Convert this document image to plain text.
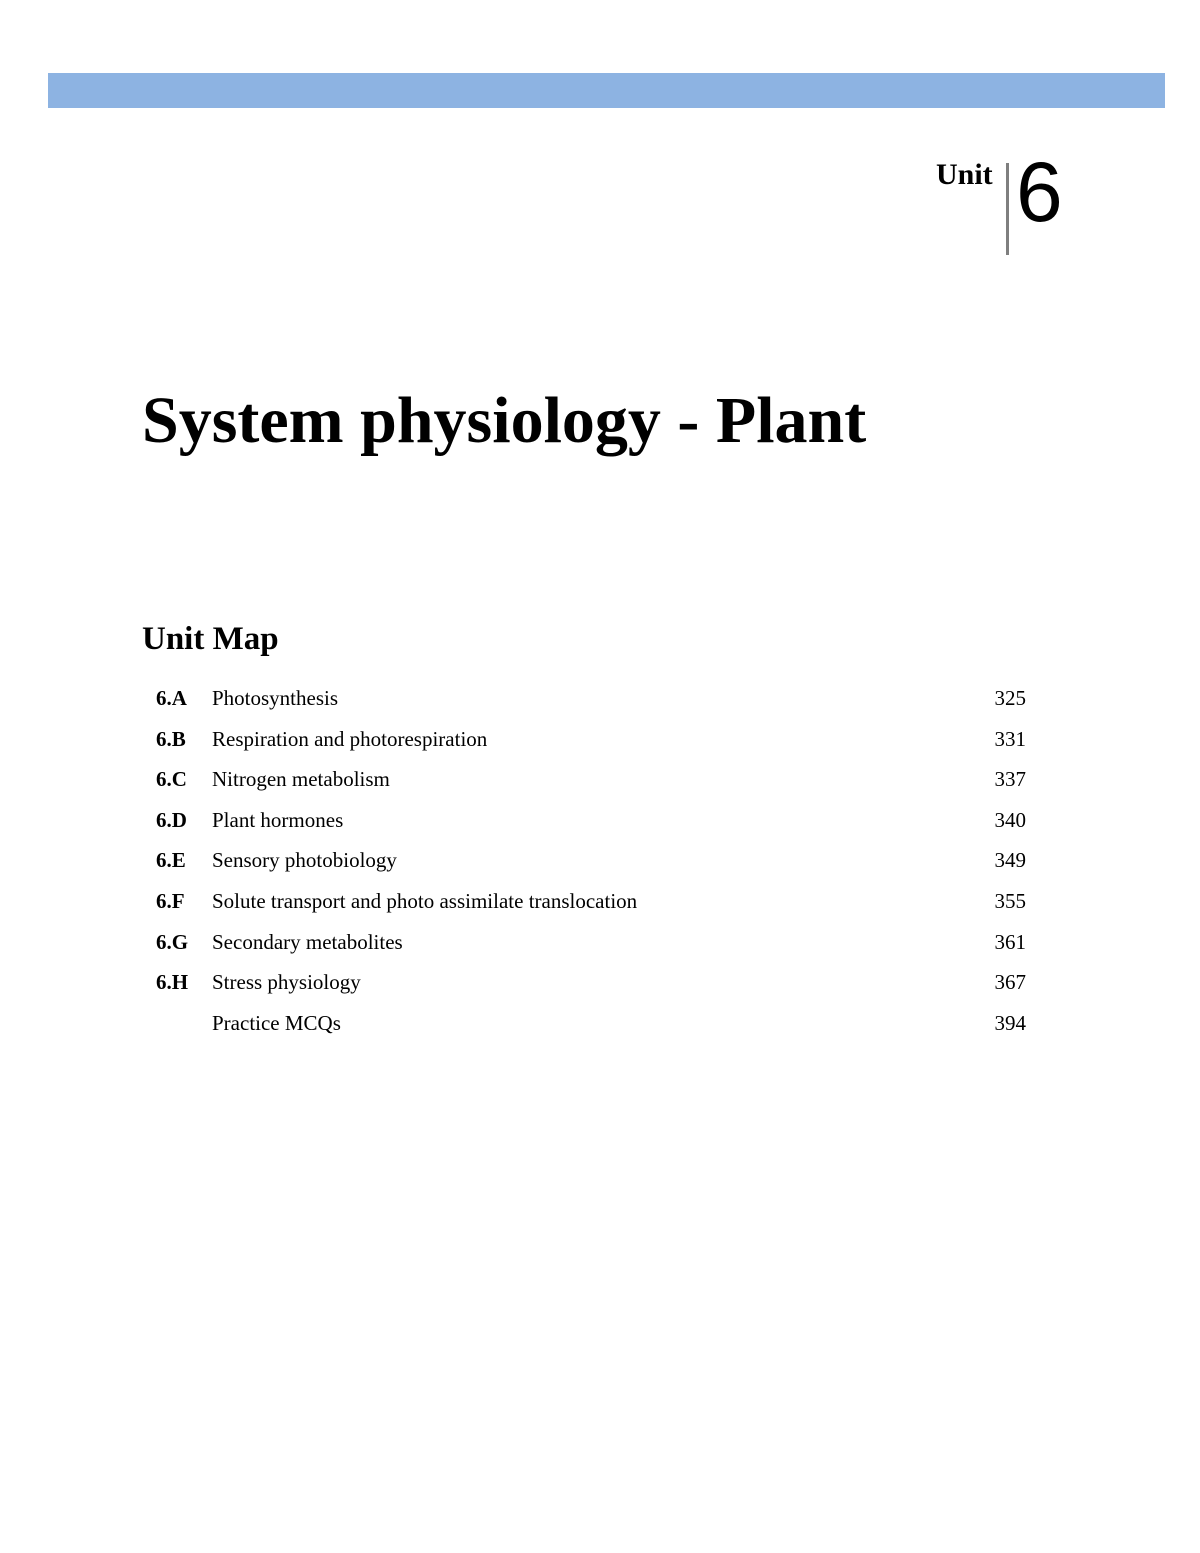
Unit 6
System physiology - Plant
Unit Map
6.A Photosynthesis	325
6.B Respiration and photorespiration	331
6.C Nitrogen metabolism	337
6.D Plant hormones	340
6.E Sensory photobiology	349
6.F Solute transport and photo assimilate translocation	355
6.G Secondary metabolites	361
6.H Stress physiology	367
Practice MCQs	394
